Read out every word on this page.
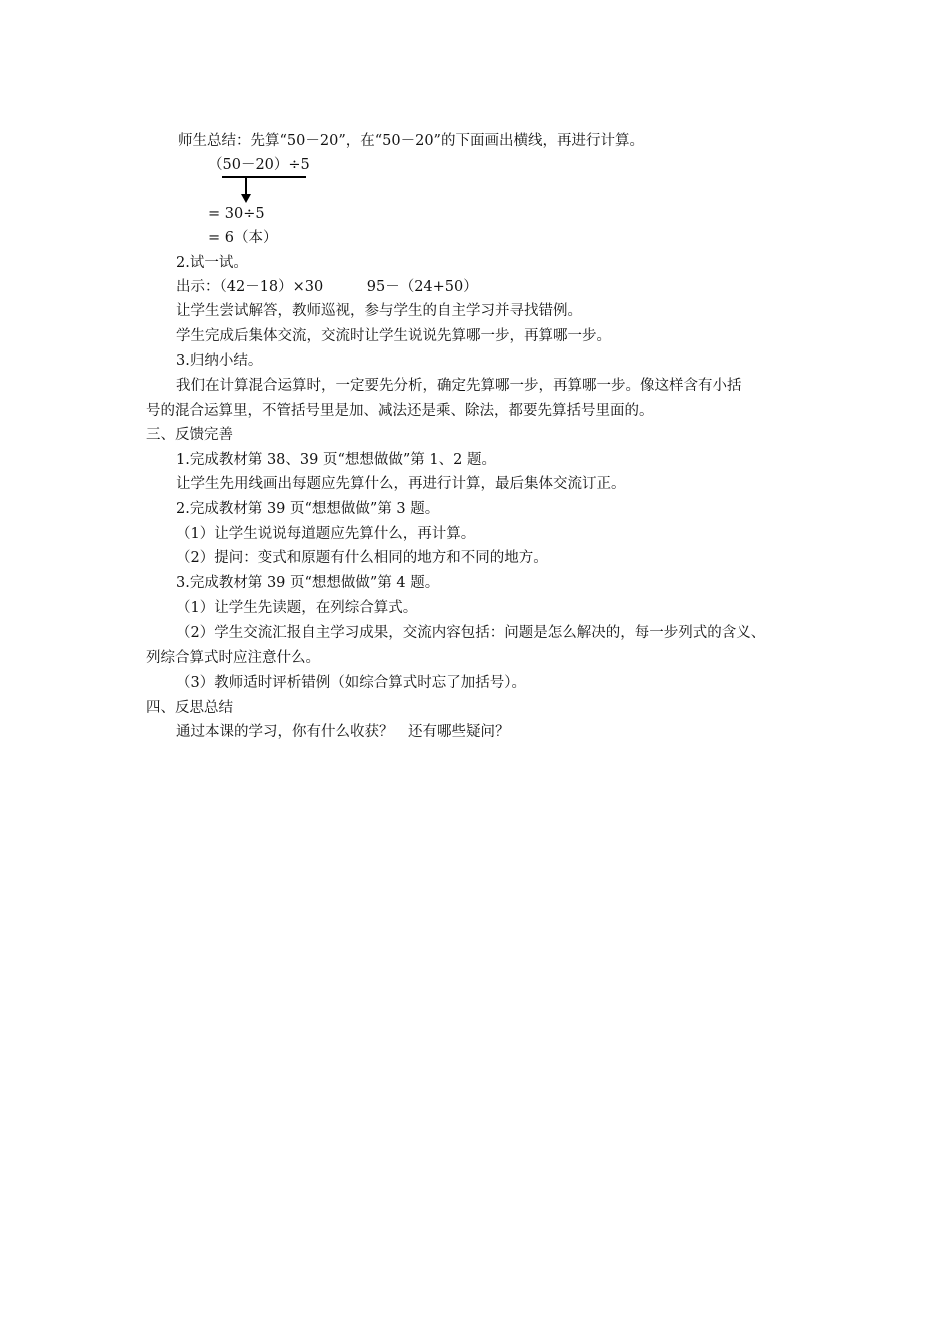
师生总结：先算“50－20”，在“50－20”的下面画出横线，再进行计算。
（50－20）÷5
= 30÷5
= 6（本）
2.试一试。
出示：（42－18）×30　　　95－（24+50）
让学生尝试解答，教师巡视，参与学生的自主学习并寻找错例。
学生完成后集体交流，交流时让学生说说先算哪一步，再算哪一步。
3.归纳小结。
我们在计算混合运算时，一定要先分析，确定先算哪一步，再算哪一步。像这样含有小括
号的混合运算里，不管括号里是加、减法还是乘、除法，都要先算括号里面的。
三、反馈完善
1.完成教材第 38、39 页“想想做做”第 1、2 题。
让学生先用线画出每题应先算什么，再进行计算，最后集体交流订正。
2.完成教材第 39 页“想想做做”第 3 题。
（1）让学生说说每道题应先算什么，再计算。
（2）提问：变式和原题有什么相同的地方和不同的地方。
3.完成教材第 39 页“想想做做”第 4 题。
（1）让学生先读题，在列综合算式。
（2）学生交流汇报自主学习成果，交流内容包括：问题是怎么解决的，每一步列式的含义、
列综合算式时应注意什么。
（3）教师适时评析错例（如综合算式时忘了加括号）。
四、反思总结
通过本课的学习，你有什么收获？　还有哪些疑问？
